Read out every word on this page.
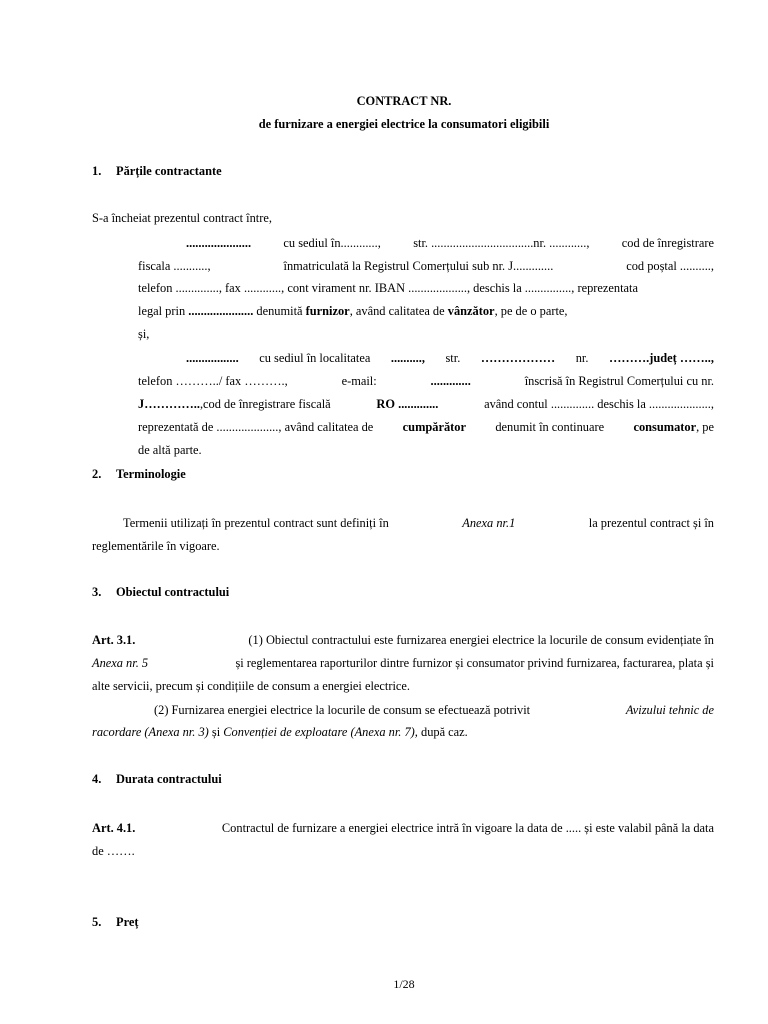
CONTRACT NR.
de furnizare a energiei electrice la consumatori eligibili
1. Părțile contractante
S-a încheiat prezentul contract între,
.....................	cu sediul în............,	str. .................................nr. ............,	cod de înregistrare
fiscala ...........,	înmatriculată la Registrul Comerțului sub nr. J.............	cod poștal ..........,
telefon .............., fax ............, cont virament nr. IBAN ..................., deschis la ..............., reprezentata
legal prin ..................... denumită furnizor, având calitatea de vânzător, pe de o parte,
și,
................. cu sediul în localitatea .........., str. ……………… nr. ……….județ ……..,
telefon ………../ fax ……….,	e-mail:	.............	înscrisă în Registrul Comerțului cu nr.
J…………..,cod de înregistrare fiscală	RO .............	având contul .............. deschis la ....................,
reprezentată de ...................., având calitatea de cumpărător denumit în continuare consumator, pe
de altă parte.
2. Terminologie
Termenii utilizați în prezentul contract sunt definiți în	Anexa nr.1	la prezentul contract și în
reglementările în vigoare.
3. Obiectul contractului
Art. 3.1.	(1) Obiectul contractului este furnizarea energiei electrice la locurile de consum evidențiate în
Anexa nr. 5	și reglementarea raporturilor dintre furnizor și consumator privind furnizarea, facturarea, plata și
alte servicii, precum și condițiile de consum a energiei electrice.
(2) Furnizarea energiei electrice la locurile de consum se efectuează potrivit	Avizului tehnic de
racordare (Anexa nr. 3) și Convenției de exploatare (Anexa nr. 7), după caz.
4. Durata contractului
Art. 4.1.	Contractul de furnizare a energiei electrice intră în vigoare la data de ..... și este valabil până la data
de …….
5. Preț
1/28
